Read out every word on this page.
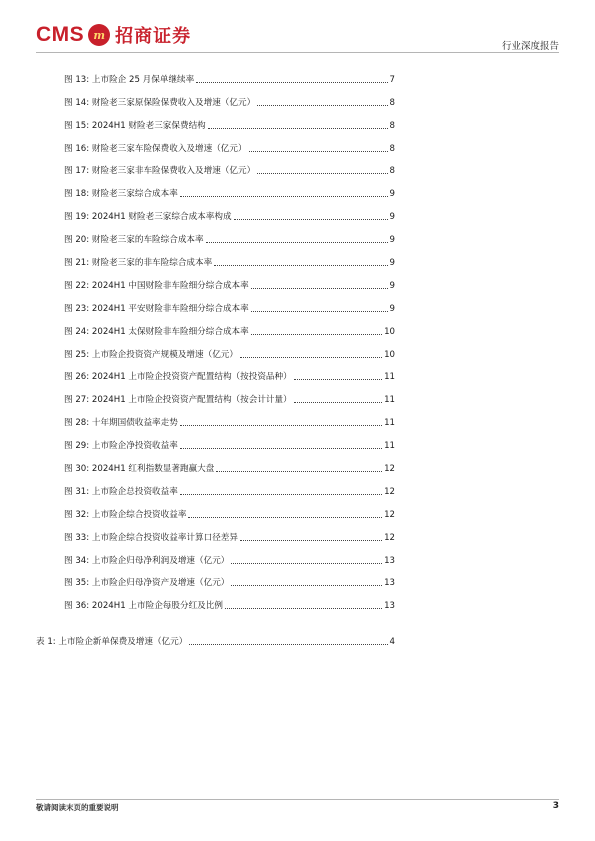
CMS m 招商证券	行业深度报告
图 13: 上市险企 25 月保单继续率	7
图 14: 财险老三家原保险保费收入及增速（亿元）	8
图 15: 2024H1 财险老三家保费结构	8
图 16: 财险老三家车险保费收入及增速（亿元）	8
图 17: 财险老三家非车险保费收入及增速（亿元）	8
图 18: 财险老三家综合成本率	9
图 19: 2024H1 财险老三家综合成本率构成	9
图 20: 财险老三家的车险综合成本率	9
图 21: 财险老三家的非车险综合成本率	9
图 22: 2024H1 中国财险非车险细分综合成本率	9
图 23: 2024H1 平安财险非车险细分综合成本率	9
图 24: 2024H1 太保财险非车险细分综合成本率	10
图 25: 上市险企投资资产规模及增速（亿元）	10
图 26: 2024H1 上市险企投资资产配置结构（按投资品种）	11
图 27: 2024H1 上市险企投资资产配置结构（按会计计量）	11
图 28: 十年期国债收益率走势	11
图 29: 上市险企净投资收益率	11
图 30: 2024H1 红利指数显著跑赢大盘	12
图 31: 上市险企总投资收益率	12
图 32: 上市险企综合投资收益率	12
图 33: 上市险企综合投资收益率计算口径差异	12
图 34: 上市险企归母净利润及增速（亿元）	13
图 35: 上市险企归母净资产及增速（亿元）	13
图 36: 2024H1 上市险企每股分红及比例	13
表 1: 上市险企新单保费及增速（亿元）	4
敬请阅读末页的重要说明	3
